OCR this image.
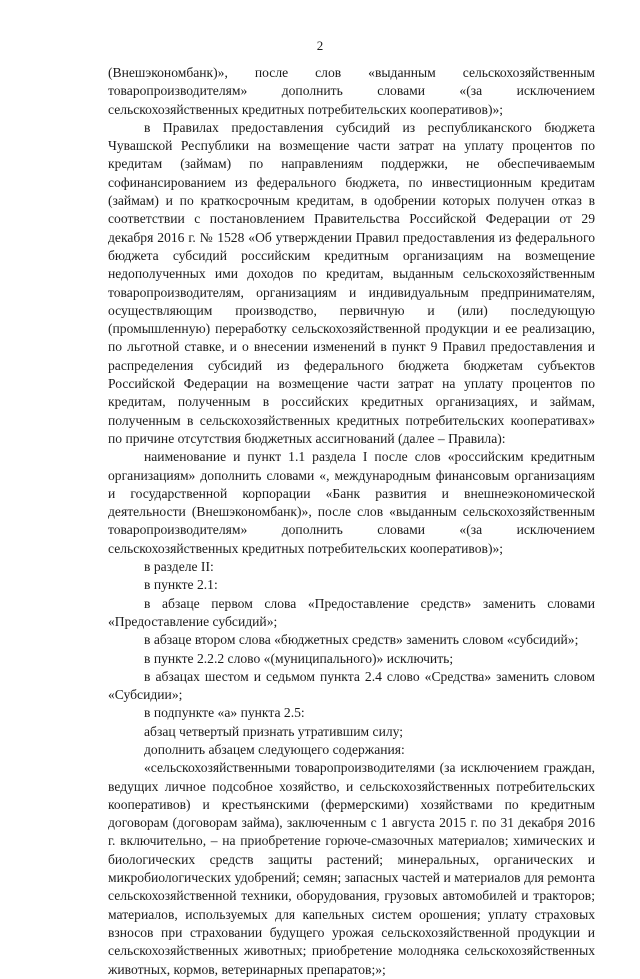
2

(Внешэкономбанк)», после слов «выданным сельскохозяйственным товаропроизводителям» дополнить словами «(за исключением сельскохозяйственных кредитных потребительских кооперативов)»;

в Правилах предоставления субсидий из республиканского бюджета Чувашской Республики на возмещение части затрат на уплату процентов по кредитам (займам) по направлениям поддержки, не обеспечиваемым софинансированием из федерального бюджета, по инвестиционным кредитам (займам) и по краткосрочным кредитам, в одобрении которых получен отказ в соответствии с постановлением Правительства Российской Федерации от 29 декабря 2016 г. № 1528 «Об утверждении Правил предоставления из федерального бюджета субсидий российским кредитным организациям на возмещение недополученных ими доходов по кредитам, выданным сельскохозяйственным товаропроизводителям, организациям и индивидуальным предпринимателям, осуществляющим производство, первичную и (или) последующую (промышленную) переработку сельскохозяйственной продукции и ее реализацию, по льготной ставке, и о внесении изменений в пункт 9 Правил предоставления и распределения субсидий из федерального бюджета бюджетам субъектов Российской Федерации на возмещение части затрат на уплату процентов по кредитам, полученным в российских кредитных организациях, и займам, полученным в сельскохозяйственных кредитных потребительских кооперативах» по причине отсутствия бюджетных ассигнований (далее – Правила):

наименование и пункт 1.1 раздела I после слов «российским кредитным организациям» дополнить словами «, международным финансовым организациям и государственной корпорации «Банк развития и внешнеэкономической деятельности (Внешэкономбанк)», после слов «выданным сельскохозяйственным товаропроизводителям» дополнить словами «(за исключением сельскохозяйственных кредитных потребительских кооперативов)»;

в разделе II:

в пункте 2.1:

в абзаце первом слова «Предоставление средств» заменить словами «Предоставление субсидий»;

в абзаце втором слова «бюджетных средств» заменить словом «субсидий»;

в пункте 2.2.2 слово «(муниципального)» исключить;

в абзацах шестом и седьмом пункта 2.4 слово «Средства» заменить словом «Субсидии»;

в подпункте «а» пункта 2.5:

абзац четвертый признать утратившим силу;

дополнить абзацем следующего содержания:

«сельскохозяйственными товаропроизводителями (за исключением граждан, ведущих личное подсобное хозяйство, и сельскохозяйственных потребительских кооперативов) и крестьянскими (фермерскими) хозяйствами по кредитным договорам (договорам займа), заключенным с 1 августа 2015 г. по 31 декабря 2016 г. включительно, – на приобретение горюче-смазочных материалов; химических и биологических средств защиты растений; минеральных, органических и микробиологических удобрений; семян; запасных частей и материалов для ремонта сельскохозяйственной техники, оборудования, грузовых автомобилей и тракторов; материалов, используемых для капельных систем орошения; уплату страховых взносов при страховании будущего урожая сельскохозяйственной продукции и сельскохозяйственных животных; приобретение молодняка сельскохозяйственных животных, кормов, ветеринарных препаратов;»;
